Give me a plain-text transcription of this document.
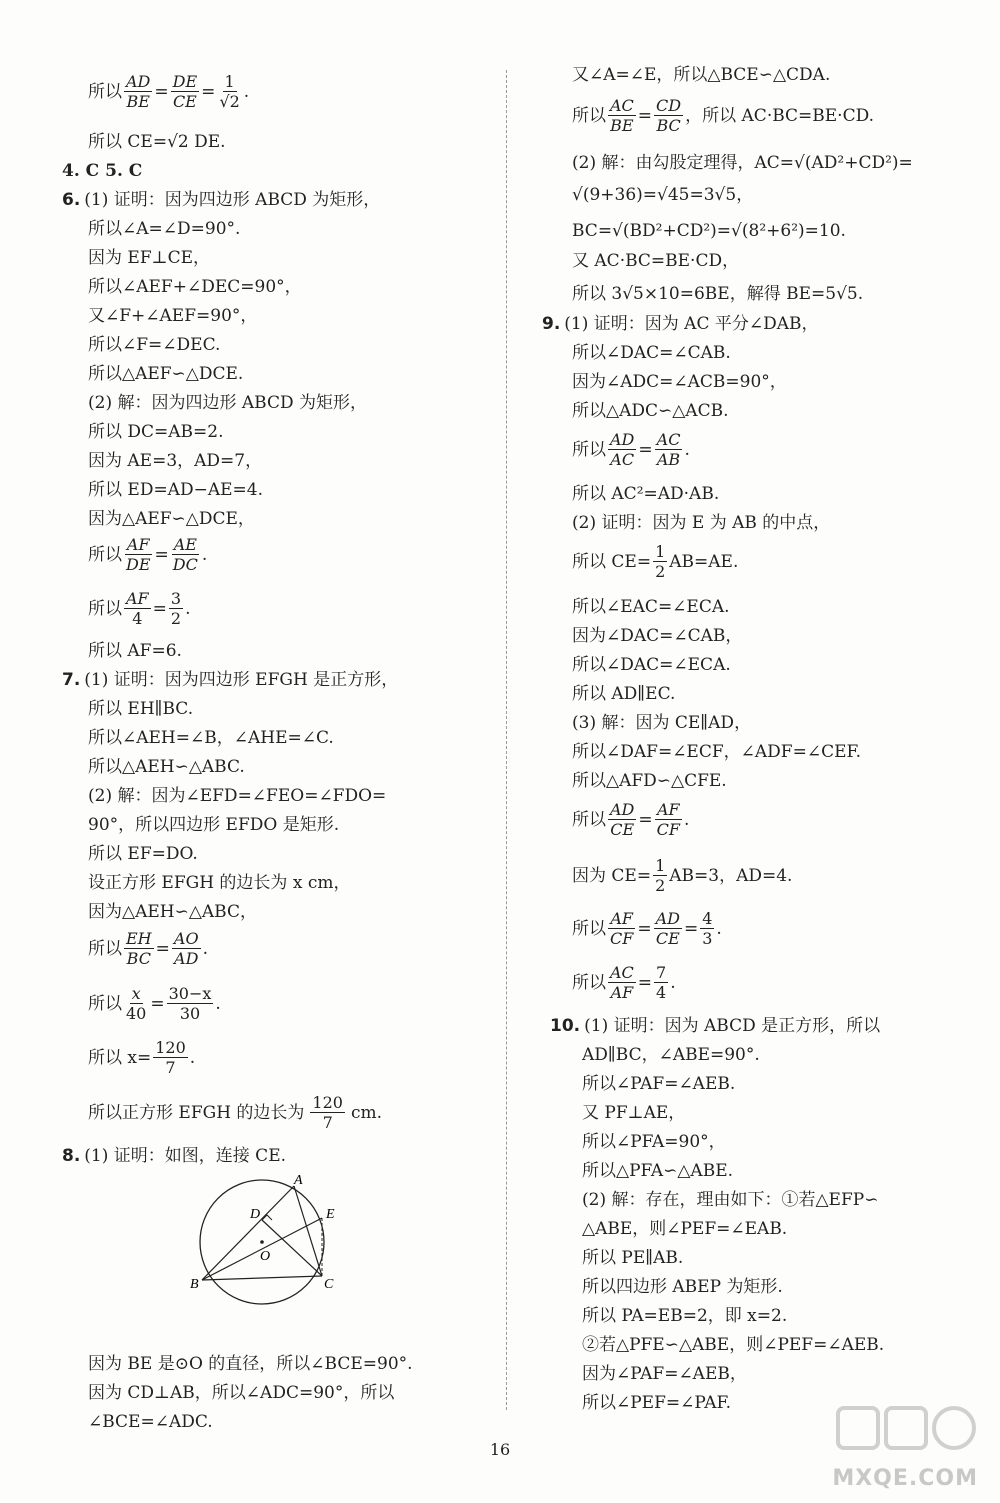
所以 $\frac{AD}{BE} = \frac{DE}{CE} = \frac{1}{√2}$ .
所以 CE=√2 DE.
4. C 5. C
6. (1) 证明：因为四边形 ABCD 为矩形，
所以∠A=∠D=90°.
因为 EF⊥CE，
所以∠AEF+∠DEC=90°，
又∠F+∠AEF=90°，
所以∠F=∠DEC.
所以△AEF∽△DCE.
(2) 解：因为四边形 ABCD 为矩形，
所以 DC=AB=2.
因为 AE=3，AD=7，
所以 ED=AD−AE=4.
因为△AEF∽△DCE，
所以 $\frac{AF}{DE} = \frac{AE}{DC}$ .
所以 $\frac{AF}{4} = \frac{3}{2}$ .
所以 AF=6.
7. (1) 证明：因为四边形 EFGH 是正方形，
所以 EH∥BC.
所以∠AEH=∠B，∠AHE=∠C.
所以△AEH∽△ABC.
(2) 解：因为∠EFD=∠FEO=∠FDO=
90°，所以四边形 EFDO 是矩形.
所以 EF=DO.
设正方形 EFGH 的边长为 x cm，
因为△AEH∽△ABC，
所以 $\frac{EH}{BC} = \frac{AO}{AD}$ .
所以 $\frac{x}{40} = \frac{30-x}{30}$ .
所以 $x= \frac{120}{7}$ .
所以正方形 EFGH 的边长为 $\frac{120}{7}$ cm.
8. (1) 证明：如图，连接 CE.
因为 BE 是⊙O 的直径，所以∠BCE=90°.
因为 CD⊥AB，所以∠ADC=90°，所以
∠BCE=∠ADC.
A
B	C
D	E
O
又∠A=∠E，所以△BCE∽△CDA.
所以 $\frac{AC}{BE} = \frac{CD}{BC}$ ，所以 AC·BC=BE·CD.
(2) 解：由勾股定理得，AC=√(AD²+CD²)=
√(9+36)=√45=3√5，
BC=√(BD²+CD²)=√(8²+6²)=10.
又 AC·BC=BE·CD，
所以 3√5×10=6BE，解得 BE=5√5.
9. (1) 证明：因为 AC 平分∠DAB，
所以∠DAC=∠CAB.
因为∠ADC=∠ACB=90°，
所以△ADC∽△ACB.
所以 $\frac{AD}{AC} = \frac{AC}{AB}$ .
所以 AC²=AD·AB.
(2) 证明：因为 E 为 AB 的中点，
所以 $CE= \frac{1}{2} AB=AE$.
所以∠EAC=∠ECA.
因为∠DAC=∠CAB，
所以∠DAC=∠ECA.
所以 AD∥EC.
(3) 解：因为 CE∥AD，
所以∠DAF=∠ECF，∠ADF=∠CEF.
所以△AFD∽△CFE.
所以 $\frac{AD}{CE} = \frac{AF}{CF}$ .
因为 $CE= \frac{1}{2} AB=3$，AD=4.
所以 $\frac{AF}{CF} = \frac{AD}{CE} = \frac{4}{3}$ .
所以 $\frac{AC}{AF} = \frac{7}{4}$ .
10. (1) 证明：因为 ABCD 是正方形，所以
AD∥BC，∠ABE=90°.
所以∠PAF=∠AEB.
又 PF⊥AE，
所以∠PFA=90°，
所以△PFA∽△ABE.
(2) 解：存在，理由如下：①若△EFP∽
△ABE，则∠PEF=∠EAB.
所以 PE∥AB.
所以四边形 ABEP 为矩形.
所以 PA=EB=2，即 x=2.
②若△PFE∽△ABE，则∠PEF=∠AEB.
因为∠PAF=∠AEB，
所以∠PEF=∠PAF.
16
MXQE.COM
